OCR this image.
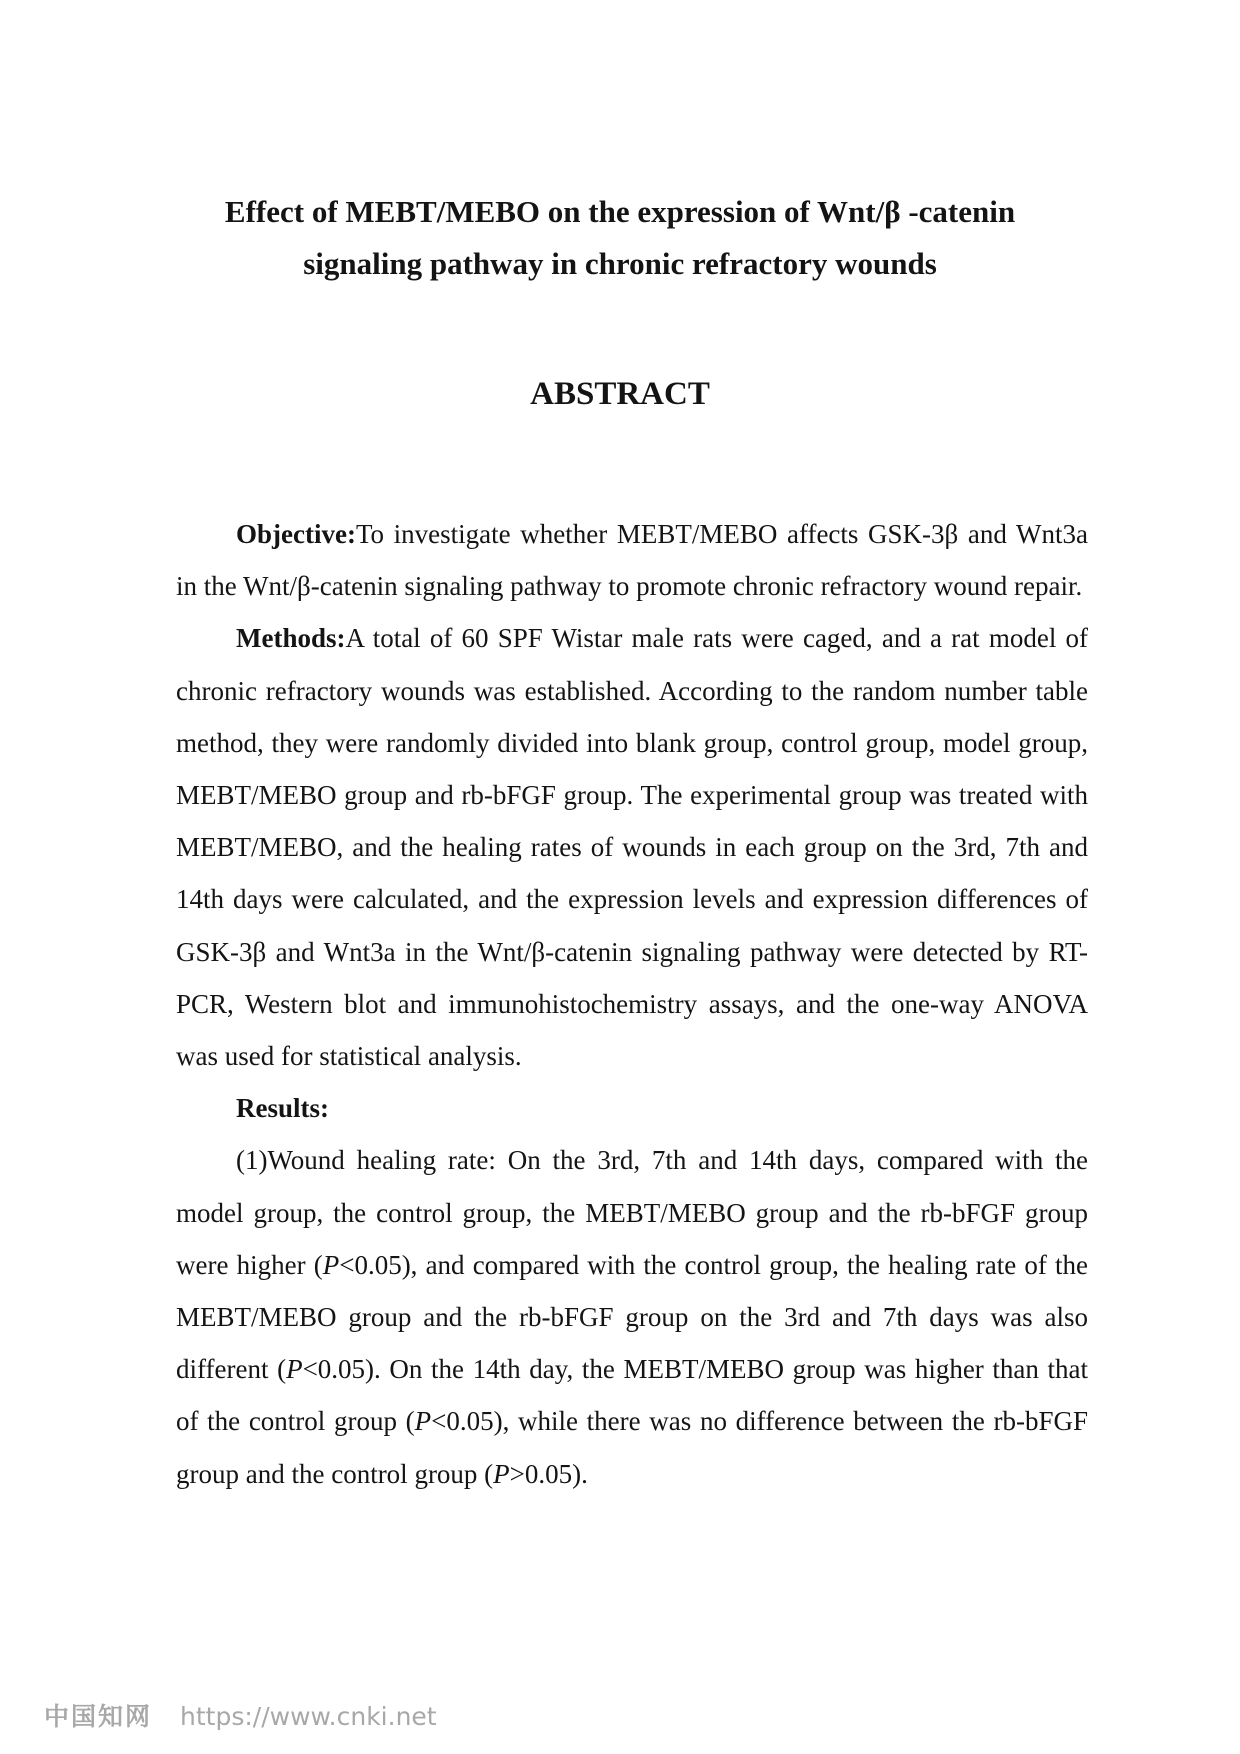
Effect of MEBT/MEBO on the expression of Wnt/β -catenin
signaling pathway in chronic refractory wounds
ABSTRACT

Objective:To investigate whether MEBT/MEBO affects GSK-3β and Wnt3a in the Wnt/β-catenin signaling pathway to promote chronic refractory wound repair.

Methods:A total of 60 SPF Wistar male rats were caged, and a rat model of chronic refractory wounds was established. According to the random number table method, they were randomly divided into blank group, control group, model group, MEBT/MEBO group and rb-bFGF group. The experimental group was treated with MEBT/MEBO, and the healing rates of wounds in each group on the 3rd, 7th and 14th days were calculated, and the expression levels and expression differences of GSK-3β and Wnt3a in the Wnt/β-catenin signaling pathway were detected by RT-PCR, Western blot and immunohistochemistry assays, and the one-way ANOVA was used for statistical analysis.

Results:

(1)Wound healing rate: On the 3rd, 7th and 14th days, compared with the model group, the control group, the MEBT/MEBO group and the rb-bFGF group were higher (P<0.05), and compared with the control group, the healing rate of the MEBT/MEBO group and the rb-bFGF group on the 3rd and 7th days was also different (P<0.05). On the 14th day, the MEBT/MEBO group was higher than that of the control group (P<0.05), while there was no difference between the rb-bFGF group and the control group (P>0.05).

中国知网 https://www.cnki.net
